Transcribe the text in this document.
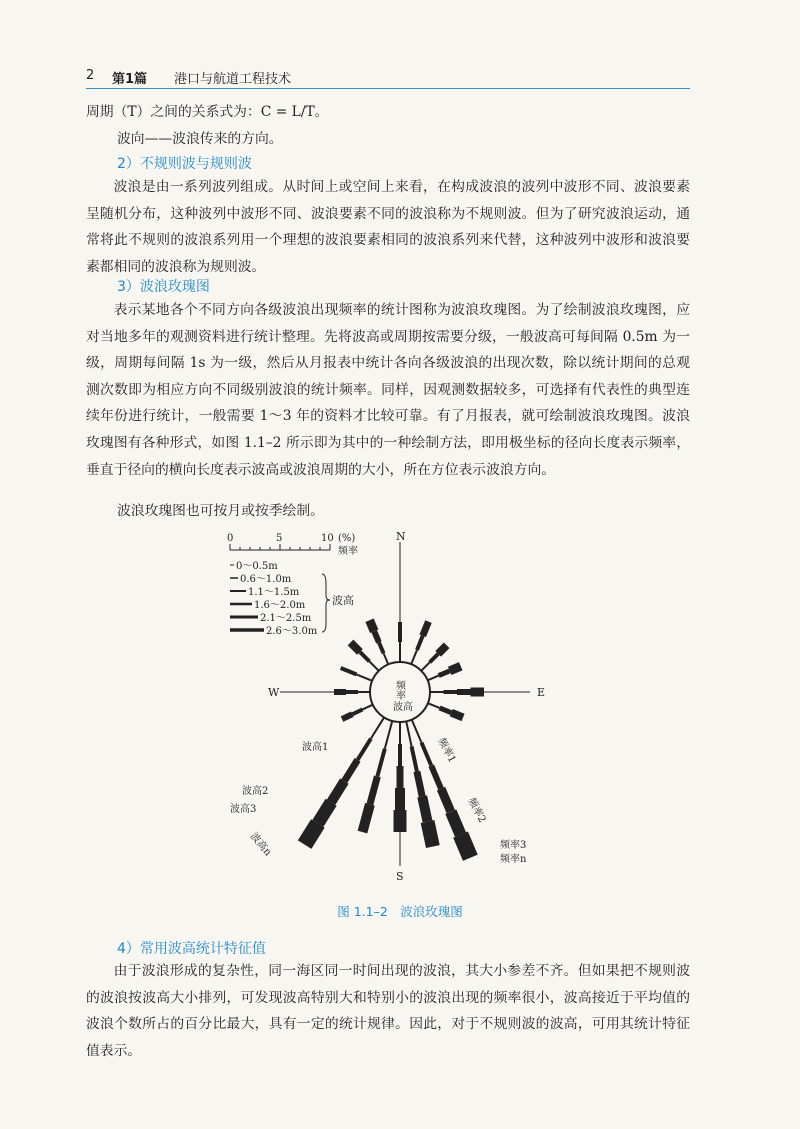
2 第1篇 港口与航道工程技术
周期（T）之间的关系式为：C = L/T。
波向——波浪传来的方向。
2）不规则波与规则波
波浪是由一系列波列组成。从时间上或空间上来看，在构成波浪的波列中波形不同、波浪要素呈随机分布，这种波列中波形不同、波浪要素不同的波浪称为不规则波。但为了研究波浪运动，通常将此不规则的波浪系列用一个理想的波浪要素相同的波浪系列来代替，这种波列中波形和波浪要素都相同的波浪称为规则波。
3）波浪玫瑰图
表示某地各个不同方向各级波浪出现频率的统计图称为波浪玫瑰图。为了绘制波浪玫瑰图，应对当地多年的观测资料进行统计整理。先将波高或周期按需要分级，一般波高可每间隔 0.5m 为一级，周期每间隔 1s 为一级，然后从月报表中统计各向各级波浪的出现次数，除以统计期间的总观测次数即为相应方向不同级别波浪的统计频率。同样，因观测数据较多，可选择有代表性的典型连续年份进行统计，一般需要 1～3 年的资料才比较可靠。有了月报表，就可绘制波浪玫瑰图。波浪玫瑰图有各种形式，如图 1.1–2 所示即为其中的一种绘制方法，即用极坐标的径向长度表示频率，垂直于径向的横向长度表示波高或波浪周期的大小，所在方位表示波浪方向。
波浪玫瑰图也可按月或按季绘制。
0	5	10 (%)
频率
0～0.5m
0.6～1.0m
1.1～1.5m
1.6～2.0m
2.1～2.5m
2.6～3.0m
波高
N
S
E
W	频率
波高
波高1
波高2
波高3
波高n
频率1
频率2
频率3
频率n
图 1.1–2　波浪玫瑰图
4）常用波高统计特征值
由于波浪形成的复杂性，同一海区同一时间出现的波浪，其大小参差不齐。但如果把不规则波的波浪按波高大小排列，可发现波高特别大和特别小的波浪出现的频率很小，波高接近于平均值的波浪个数所占的百分比最大，具有一定的统计规律。因此，对于不规则波的波高，可用其统计特征值表示。
